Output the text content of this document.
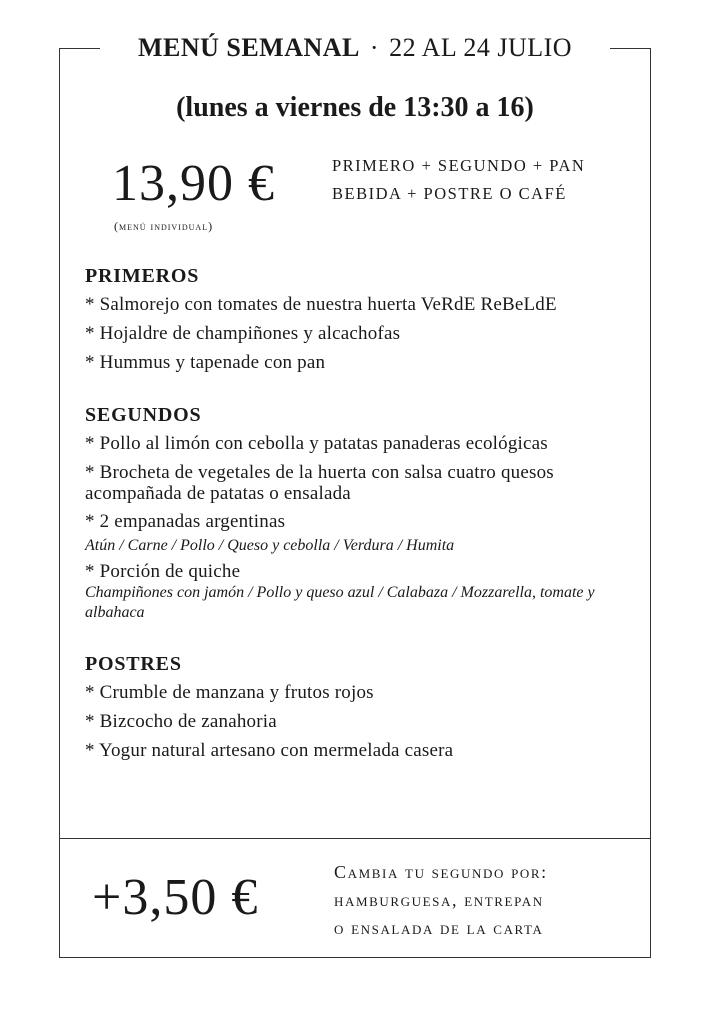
MENÚ SEMANAL · 22 AL 24 JULIO
(lunes a viernes de 13:30 a 16)
13,90 €
(menú individual)
PRIMERO + SEGUNDO + PAN
BEBIDA + POSTRE O CAFÉ
PRIMEROS
* Salmorejo con tomates de nuestra huerta VeRdE ReBeLdE
* Hojaldre de champiñones y alcachofas
* Hummus y tapenade con pan
SEGUNDOS
* Pollo al limón con cebolla y patatas panaderas ecológicas
* Brocheta de vegetales de la huerta con salsa cuatro quesos acompañada de patatas o ensalada
* 2 empanadas argentinas
Atún / Carne / Pollo / Queso y cebolla / Verdura / Humita
* Porción de quiche
Champiñones con jamón / Pollo y queso azul / Calabaza / Mozzarella, tomate y albahaca
POSTRES
* Crumble de manzana y frutos rojos
* Bizcocho de zanahoria
* Yogur natural artesano con mermelada casera
+3,50 €	Cambia tu segundo por:
hamburguesa, entrepan
o ensalada de la carta
